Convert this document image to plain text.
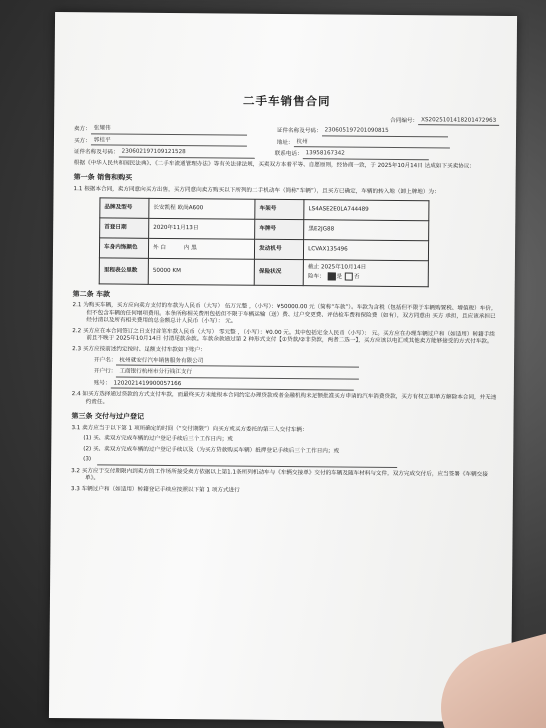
二手车销售合同
合同编号： XS20251014182014729​63
卖方： 张耀伟	证件名称及号码： 230605197201090815
买方： 郭桂平	地址： 杭州
证件名称及号码： 230602197109121528	联系电话： 13958167342
根据《中华人民共和国民法典》、《二手车流通管理办法》等有关法律法规，买卖双方本着平等、自愿原则，经协商一致，于 2025年10月14日 达成如下买卖协议：
第一条 销售和购买
1.1 根据本合同，卖方同意向买方出售，买方同意向卖方购买以下所列的二手机动车（简称“车辆”），且买方已确定，车辆的转入地（卸上牌地）为：
品牌及型号	长安凯程 欧尚A600	车架号	LS4ASE2E0LA744489
首登日期	2020年11月13日	车牌号	黑E2JG88
车身内饰颜色	外 白 内 黑	发动机号	LCVAX135496
里程表公里数	50000 KM	保险状况	截止 2025年10月14日
险车： 是 否
第二条 车款
2.1 为购买车辆，买方应向卖方支付的车款为人民币（大写） 伍万元整 ，（小写）：¥50000.00 元（简称“车款”）。车款为含税（包括但不限于车辆购置税、增值税）车价，但不包含车辆的任何增项费用。本条所称相关费用包括但不限于车辆运输（送）费、过户变更费、评估检车费和保险费（如有），双方同意由 买方 承担，且应该承担已经付清以及所有相关费用的总金额总计人民币（小写）： 元。
2.2 买方应在本合同签订之日支付首笔车款人民币（大写） 零元整 ，（小写）：¥0.00 元。其中包括定金人民币（小写）： 元。买方应在办理车辆过户和（如适用）转籍手续前且不晚于 2025年10月14日 付清尾款余款。车款余款通过第 2 种形式支付【①贷款/②非贷款，两者二选一】，买方应该以电汇或其他卖方能够接受的方式付车款。
2.3 买方应按前述约定按时、足额支付车款如下账户：
开户名： 杭州就安行汽车销售服务有限公司
开户行： 工商银行杭州市分行钱江支行
账号： 1202021419900057166
2.4 如买方选择通过贷款的方式支付车款，而最终买方未能根本合同约定办理贷款或者金融机构未足额批准买方申请的汽车消费贷款，买方有权立即单方解除本合同，并无违约责任。
第三条 交付与过户登记
3.1 卖方应当于以下第 1 项所确定的时间（“交付期限”）向买方或买方委托的第三人交付车辆：
(1) 买、卖双方完成车辆的过户登记手续后三个工作日内；或
(2) 买、卖双方完成车辆的过户登记手续以及（为买方贷款购买车辆）抵押登记手续后三个工作日内；或
(3)
3.2 买方应于交付期限内到卖方的工作场所接受卖方依据以上第1.1条所列机动车与《车辆交接单》交付的车辆及随车材料与文件，双方完成交付后，应当签署《车辆交接单》。
3.3 车辆过户和（如适用）转籍登记手续应按照以下第 1 项方式进行
